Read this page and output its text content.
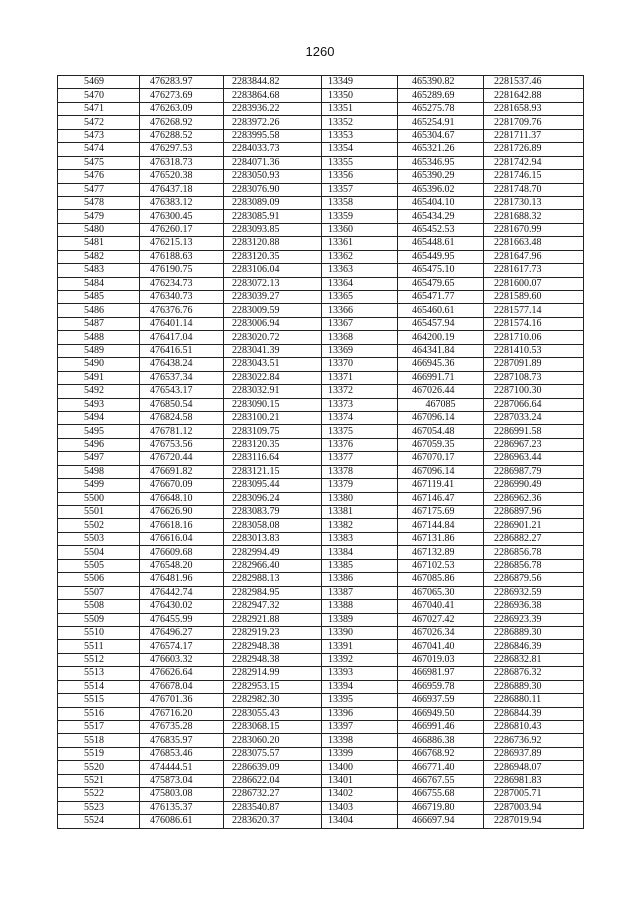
1260
5469	476283.97	2283844.82	13349	465390.82	2281537.46
5470	476273.69	2283864.68	13350	465289.69	2281642.88
5471	476263.09	2283936.22	13351	465275.78	2281658.93
5472	476268.92	2283972.26	13352	465254.91	2281709.76
5473	476288.52	2283995.58	13353	465304.67	2281711.37
5474	476297.53	2284033.73	13354	465321.26	2281726.89
5475	476318.73	2284071.36	13355	465346.95	2281742.94
5476	476520.38	2283050.93	13356	465390.29	2281746.15
5477	476437.18	2283076.90	13357	465396.02	2281748.70
5478	476383.12	2283089.09	13358	465404.10	2281730.13
5479	476300.45	2283085.91	13359	465434.29	2281688.32
5480	476260.17	2283093.85	13360	465452.53	2281670.99
5481	476215.13	2283120.88	13361	465448.61	2281663.48
5482	476188.63	2283120.35	13362	465449.95	2281647.96
5483	476190.75	2283106.04	13363	465475.10	2281617.73
5484	476234.73	2283072.13	13364	465479.65	2281600.07
5485	476340.73	2283039.27	13365	465471.77	2281589.60
5486	476376.76	2283009.59	13366	465460.61	2281577.14
5487	476401.14	2283006.94	13367	465457.94	2281574.16
5488	476417.04	2283020.72	13368	464200.19	2281710.06
5489	476416.51	2283041.39	13369	464341.84	2281410.53
5490	476438.24	2283043.51	13370	466945.36	2287091.89
5491	476537.34	2283022.84	13371	466991.71	2287108.73
5492	476543.17	2283032.91	13372	467026.44	2287100.30
5493	476850.54	2283090.15	13373	467085	2287066.64
5494	476824.58	2283100.21	13374	467096.14	2287033.24
5495	476781.12	2283109.75	13375	467054.48	2286991.58
5496	476753.56	2283120.35	13376	467059.35	2286967.23
5497	476720.44	2283116.64	13377	467070.17	2286963.44
5498	476691.82	2283121.15	13378	467096.14	2286987.79
5499	476670.09	2283095.44	13379	467119.41	2286990.49
5500	476648.10	2283096.24	13380	467146.47	2286962.36
5501	476626.90	2283083.79	13381	467175.69	2286897.96
5502	476618.16	2283058.08	13382	467144.84	2286901.21
5503	476616.04	2283013.83	13383	467131.86	2286882.27
5504	476609.68	2282994.49	13384	467132.89	2286856.78
5505	476548.20	2282966.40	13385	467102.53	2286856.78
5506	476481.96	2282988.13	13386	467085.86	2286879.56
5507	476442.74	2282984.95	13387	467065.30	2286932.59
5508	476430.02	2282947.32	13388	467040.41	2286936.38
5509	476455.99	2282921.88	13389	467027.42	2286923.39
5510	476496.27	2282919.23	13390	467026.34	2286889.30
5511	476574.17	2282948.38	13391	467041.40	2286846.39
5512	476603.32	2282948.38	13392	467019.03	2286832.81
5513	476626.64	2282914.99	13393	466981.97	2286876.32
5514	476678.04	2282953.15	13394	466959.78	2286889.30
5515	476701.36	2282982.30	13395	466937.59	2286880.11
5516	476716.20	2283055.43	13396	466949.50	2286844.39
5517	476735.28	2283068.15	13397	466991.46	2286810.43
5518	476835.97	2283060.20	13398	466886.38	2286736.92
5519	476853.46	2283075.57	13399	466768.92	2286937.89
5520	474444.51	2286639.09	13400	466771.40	2286948.07
5521	475873.04	2286622.04	13401	466767.55	2286981.83
5522	475803.08	2286732.27	13402	466755.68	2287005.71
5523	476135.37	2283540.87	13403	466719.80	2287003.94
5524	476086.61	2283620.37	13404	466697.94	2287019.94
